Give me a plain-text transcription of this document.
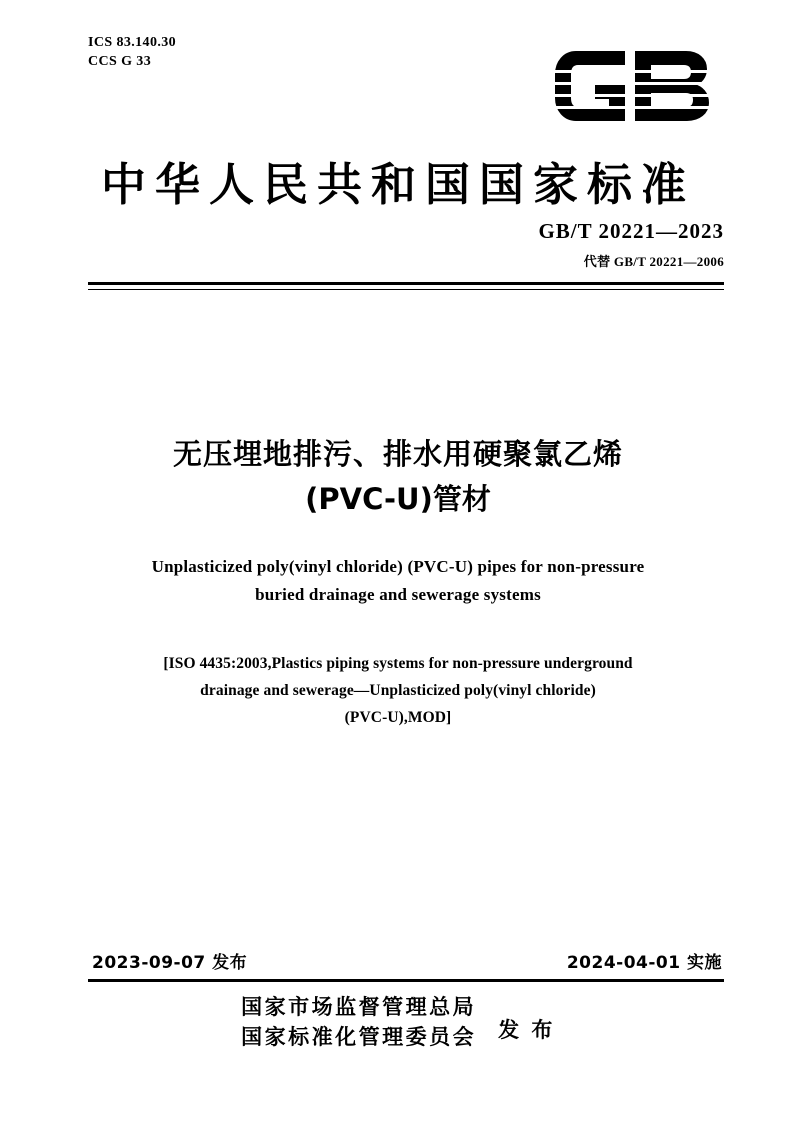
ICS 83.140.30
CCS G 33
中华人民共和国国家标准
GB/T 20221—2023
代替 GB/T 20221—2006
无压埋地排污、排水用硬聚氯乙烯
(PVC-U)管材
Unplasticized poly(vinyl chloride) (PVC-U) pipes for non-pressure
buried drainage and sewerage systems
[ISO 4435:2003,Plastics piping systems for non-pressure underground
drainage and sewerage—Unplasticized poly(vinyl chloride)
(PVC-U),MOD]
2023-09-07 发布	2024-04-01 实施
国家市场监督管理总局
国家标准化管理委员会 发 布
